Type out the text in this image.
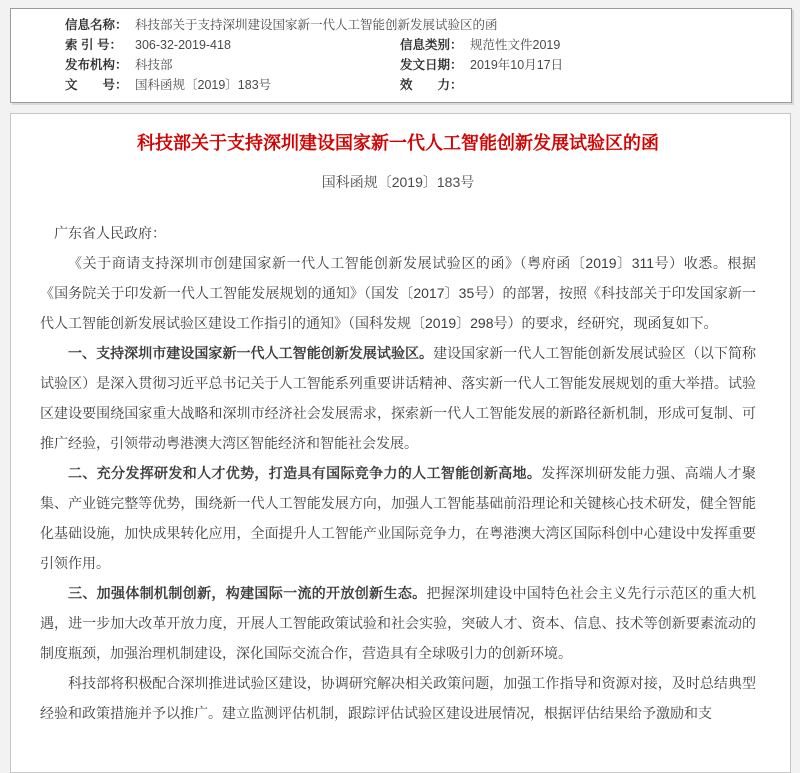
信息名称： 科技部关于支持深圳建设国家新一代人工智能创新发展试验区的函
索 引 号：	306-32-2019-418	信息类别： 规范性文件2019
发布机构： 科技部	发文日期： 2019年10月17日
文　　号： 国科函规〔2019〕183号	效　　力：
科技部关于支持深圳建设国家新一代人工智能创新发展试验区的函
国科函规〔2019〕183号

广东省人民政府：

《关于商请支持深圳市创建国家新一代人工智能创新发展试验区的函》（粤府函〔2019〕311号）收悉。根据《国务院关于印发新一代人工智能发展规划的通知》（国发〔2017〕35号）的部署，按照《科技部关于印发国家新一代人工智能创新发展试验区建设工作指引的通知》（国科发规〔2019〕298号）的要求，经研究，现函复如下。

一、支持深圳市建设国家新一代人工智能创新发展试验区。建设国家新一代人工智能创新发展试验区（以下简称试验区）是深入贯彻习近平总书记关于人工智能系列重要讲话精神、落实新一代人工智能发展规划的重大举措。试验区建设要围绕国家重大战略和深圳市经济社会发展需求，探索新一代人工智能发展的新路径新机制，形成可复制、可推广经验，引领带动粤港澳大湾区智能经济和智能社会发展。

二、充分发挥研发和人才优势，打造具有国际竞争力的人工智能创新高地。发挥深圳研发能力强、高端人才聚集、产业链完整等优势，围绕新一代人工智能发展方向，加强人工智能基础前沿理论和关键核心技术研发，健全智能化基础设施，加快成果转化应用，全面提升人工智能产业国际竞争力，在粤港澳大湾区国际科创中心建设中发挥重要引领作用。

三、加强体制机制创新，构建国际一流的开放创新生态。把握深圳建设中国特色社会主义先行示范区的重大机遇，进一步加大改革开放力度，开展人工智能政策试验和社会实验，突破人才、资本、信息、技术等创新要素流动的制度瓶颈，加强治理机制建设，深化国际交流合作，营造具有全球吸引力的创新环境。

科技部将积极配合深圳推进试验区建设，协调研究解决相关政策问题，加强工作指导和资源对接，及时总结典型经验和政策措施并予以推广。建立监测评估机制，跟踪评估试验区建设进展情况，根据评估结果给予激励和支
